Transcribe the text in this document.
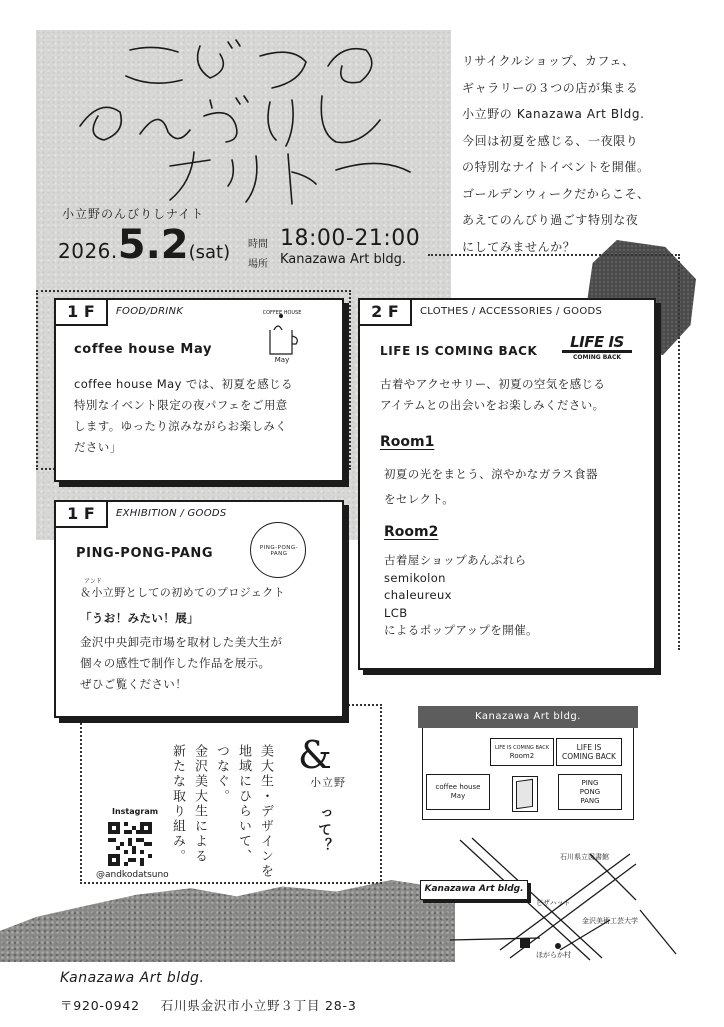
小立野のんびりしナイト
2026.5.2(sat) 時間 18:00-21:00
場所 Kanazawa Art bldg.
リサイクルショップ、カフェ、
ギャラリーの３つの店が集まる
小立野の Kanazawa Art Bldg.
今回は初夏を感じる、一夜限り
の特別なナイトイベントを開催。
ゴールデンウィークだからこそ、
あえてのんびり過ごす特別な夜
にしてみませんか？
1 F	FOOD/DRINK
coffee house May
COFFEE HOUSE
May
coffee house May では、初夏を感じる
特別なイベント限定の夜パフェをご用意
します。ゆったり涼みながらお楽しみく
ださい」
2 F	CLOTHES / ACCESSORIES / GOODS
LIFE IS COMING BACK	LIFE IS
COMING BACK
古着やアクセサリー、初夏の空気を感じる
アイテムとの出会いをお楽しみください。
Room1
初夏の光をまとう、涼やかなガラス食器
をセレクト。
Room2
古着屋ショップあんぷれら
semikolon
chaleureux
LCB
によるポップアップを開催。
1 F	EXHIBITION / GOODS
PING-PONG-PANG	PING-PONG-PANG
アンド
＆小立野としての初めてのプロジェクト
「うお！みたい！展」
金沢中央卸売市場を取材した美大生が
個々の感性で制作した作品を展示。
ぜひご覧ください！
&
小立野
って？
美大生・デザインを
地域にひらいて、
つなぐ。
金沢美大生による
新たな取り組み。
Instagram
@andkodatsuno
Kanazawa Art bldg.
LIFE IS COMING BACK
Room2
LIFE IS
COMING BACK
coffee house
May
PING
PONG
PANG
Kanazawa Art bldg.
石川県立図書館
ピザハット
金沢美術工芸大学
ほがらか村
Kanazawa Art bldg.
〒920-0942 石川県金沢市小立野３丁目 28-3
